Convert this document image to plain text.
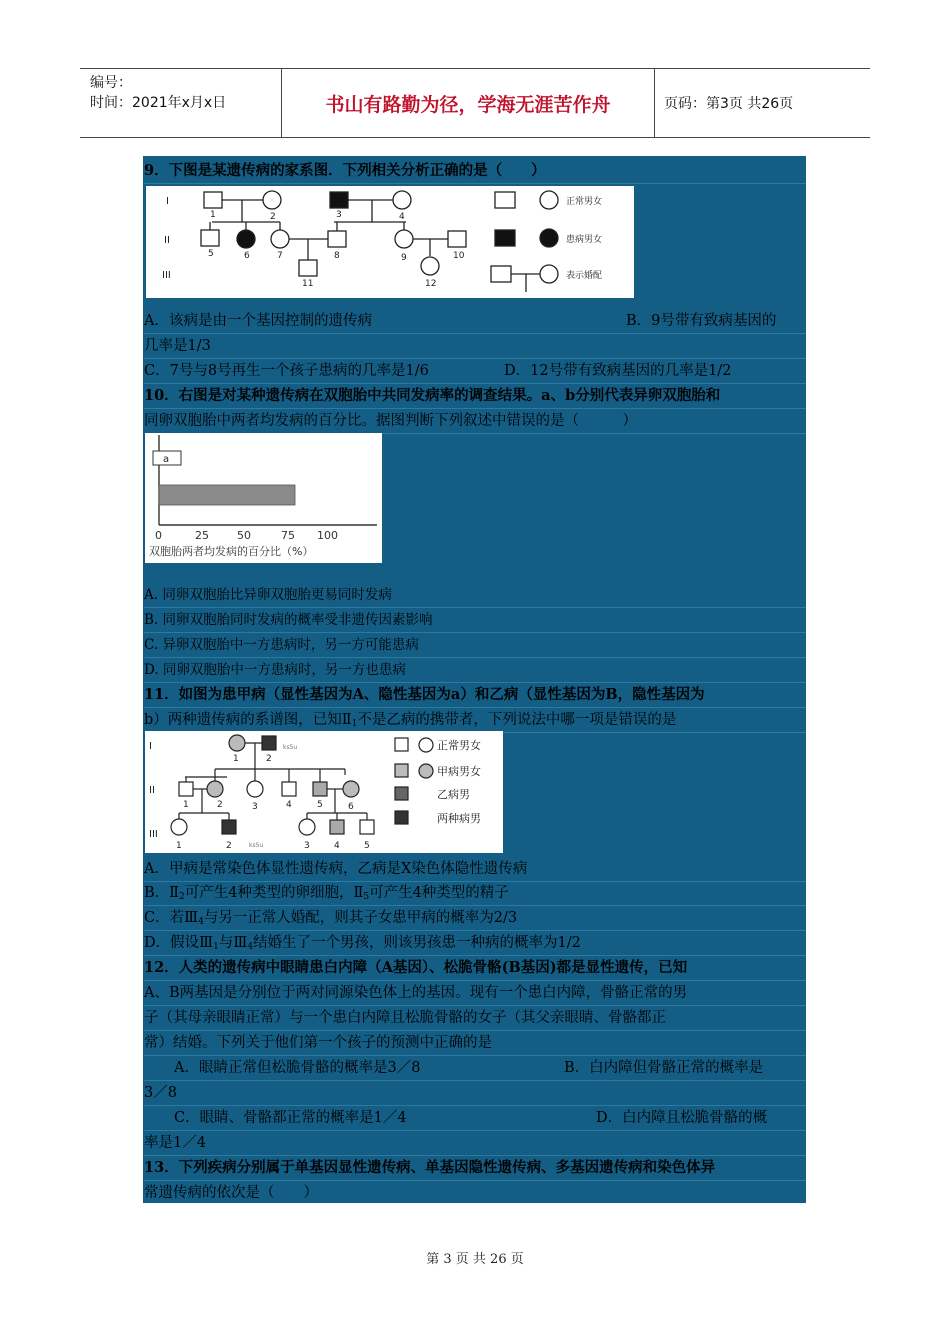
编号：
时间：2021年x月x日	书山有路勤为径，学海无涯苦作舟	页码：第3页 共26页
9．下图是某遗传病的家系图．下列相关分析正确的是（　　）
I
II
III
1	2	3	4
5	6	7	8	9	10
11	12
正常男女
患病男女
表示婚配
A．该病是由一个基因控制的遗传病	B．9号带有致病基因的
几率是1/3
C．7号与8号再生一个孩子患病的几率是1/6	D．12号带有致病基因的几率是1/2
10．右图是对某种遗传病在双胞胎中共同发病率的调查结果。a、b分别代表异卵双胞胎和
同卵双胞胎中两者均发病的百分比。据图判断下列叙述中错误的是（　　　）
a
0	25	50	75 100
双胞胎两者均发病的百分比（%）
A. 同卵双胞胎比异卵双胞胎更易同时发病
B. 同卵双胞胎同时发病的概率受非遗传因素影响
C. 异卵双胞胎中一方患病时，另一方可能患病
D. 同卵双胞胎中一方患病时，另一方也患病
11．如图为患甲病（显性基因为A、隐性基因为a）和乙病（显性基因为B，隐性基因为
b）两种遗传病的系谱图，已知$Ⅱ_1$不是乙病的携带者，下列说法中哪一项是错误的是
I
II
III
1	2
1	2	3	4	5	6
1	2	3	4	5
正常男女
甲病男女
乙病男
两种病男
ks5u
ks5u
A．甲病是常染色体显性遗传病，乙病是X染色体隐性遗传病
B．$Ⅱ_2$可产生4种类型的卵细胞，$Ⅱ_5$可产生4种类型的精子
C．若$Ⅲ_4$与另一正常人婚配，则其子女患甲病的概率为2/3
D．假设$Ⅲ_1$与$Ⅲ_4$结婚生了一个男孩，则该男孩患一种病的概率为1/2
12．人类的遗传病中眼睛患白内障（A基因）、松脆骨骼(B基因)都是显性遗传，已知
A、B两基因是分别位于两对同源染色体上的基因。现有一个患白内障，骨骼正常的男
子（其母亲眼睛正常）与一个患白内障且松脆骨骼的女子（其父亲眼睛、骨骼都正
常）结婚。下列关于他们第一个孩子的预测中正确的是
A．眼睛正常但松脆骨骼的概率是3／8	B．白内障但骨骼正常的概率是
3／8
C．眼睛、骨骼都正常的概率是1／4	D．白内障且松脆骨骼的概
率是1／4
13．下列疾病分别属于单基因显性遗传病、单基因隐性遗传病、多基因遗传病和染色体异
常遗传病的依次是（　　）
第 3 页 共 26 页
